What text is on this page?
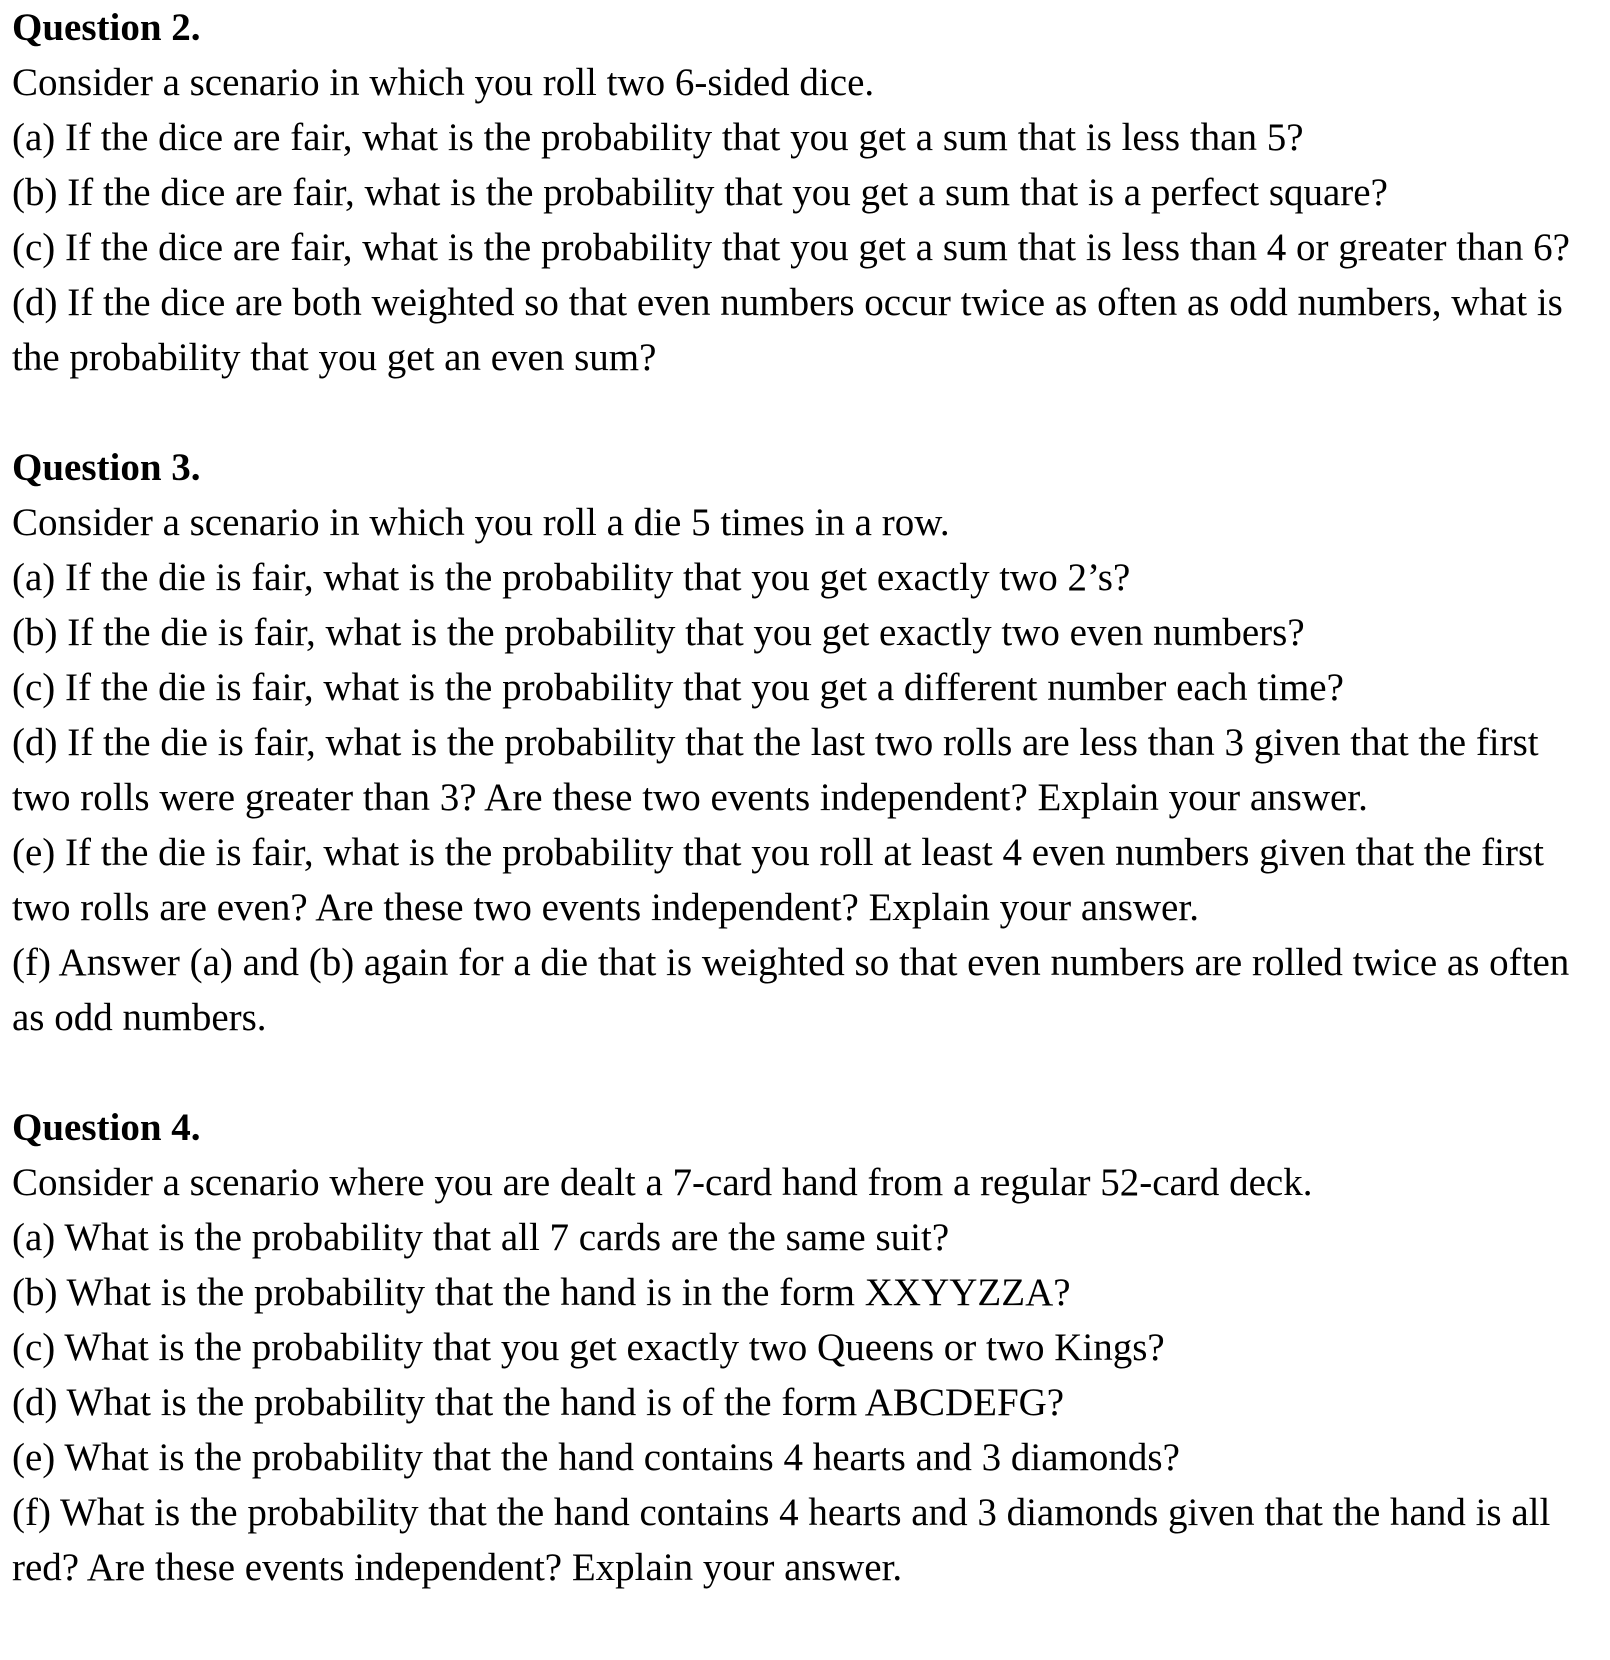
Question 2.
Consider a scenario in which you roll two 6-sided dice.
(a) If the dice are fair, what is the probability that you get a sum that is less than 5?
(b) If the dice are fair, what is the probability that you get a sum that is a perfect square?
(c) If the dice are fair, what is the probability that you get a sum that is less than 4 or greater than 6?
(d) If the dice are both weighted so that even numbers occur twice as often as odd numbers, what is the probability that you get an even sum?
Question 3.
Consider a scenario in which you roll a die 5 times in a row.
(a) If the die is fair, what is the probability that you get exactly two 2’s?
(b) If the die is fair, what is the probability that you get exactly two even numbers?
(c) If the die is fair, what is the probability that you get a different number each time?
(d) If the die is fair, what is the probability that the last two rolls are less than 3 given that the first two rolls were greater than 3? Are these two events independent? Explain your answer.
(e) If the die is fair, what is the probability that you roll at least 4 even numbers given that the first two rolls are even? Are these two events independent? Explain your answer.
(f) Answer (a) and (b) again for a die that is weighted so that even numbers are rolled twice as often as odd numbers.
Question 4.
Consider a scenario where you are dealt a 7-card hand from a regular 52-card deck.
(a) What is the probability that all 7 cards are the same suit?
(b) What is the probability that the hand is in the form XXYYZZA?
(c) What is the probability that you get exactly two Queens or two Kings?
(d) What is the probability that the hand is of the form ABCDEFG?
(e) What is the probability that the hand contains 4 hearts and 3 diamonds?
(f) What is the probability that the hand contains 4 hearts and 3 diamonds given that the hand is all red? Are these events independent? Explain your answer.
